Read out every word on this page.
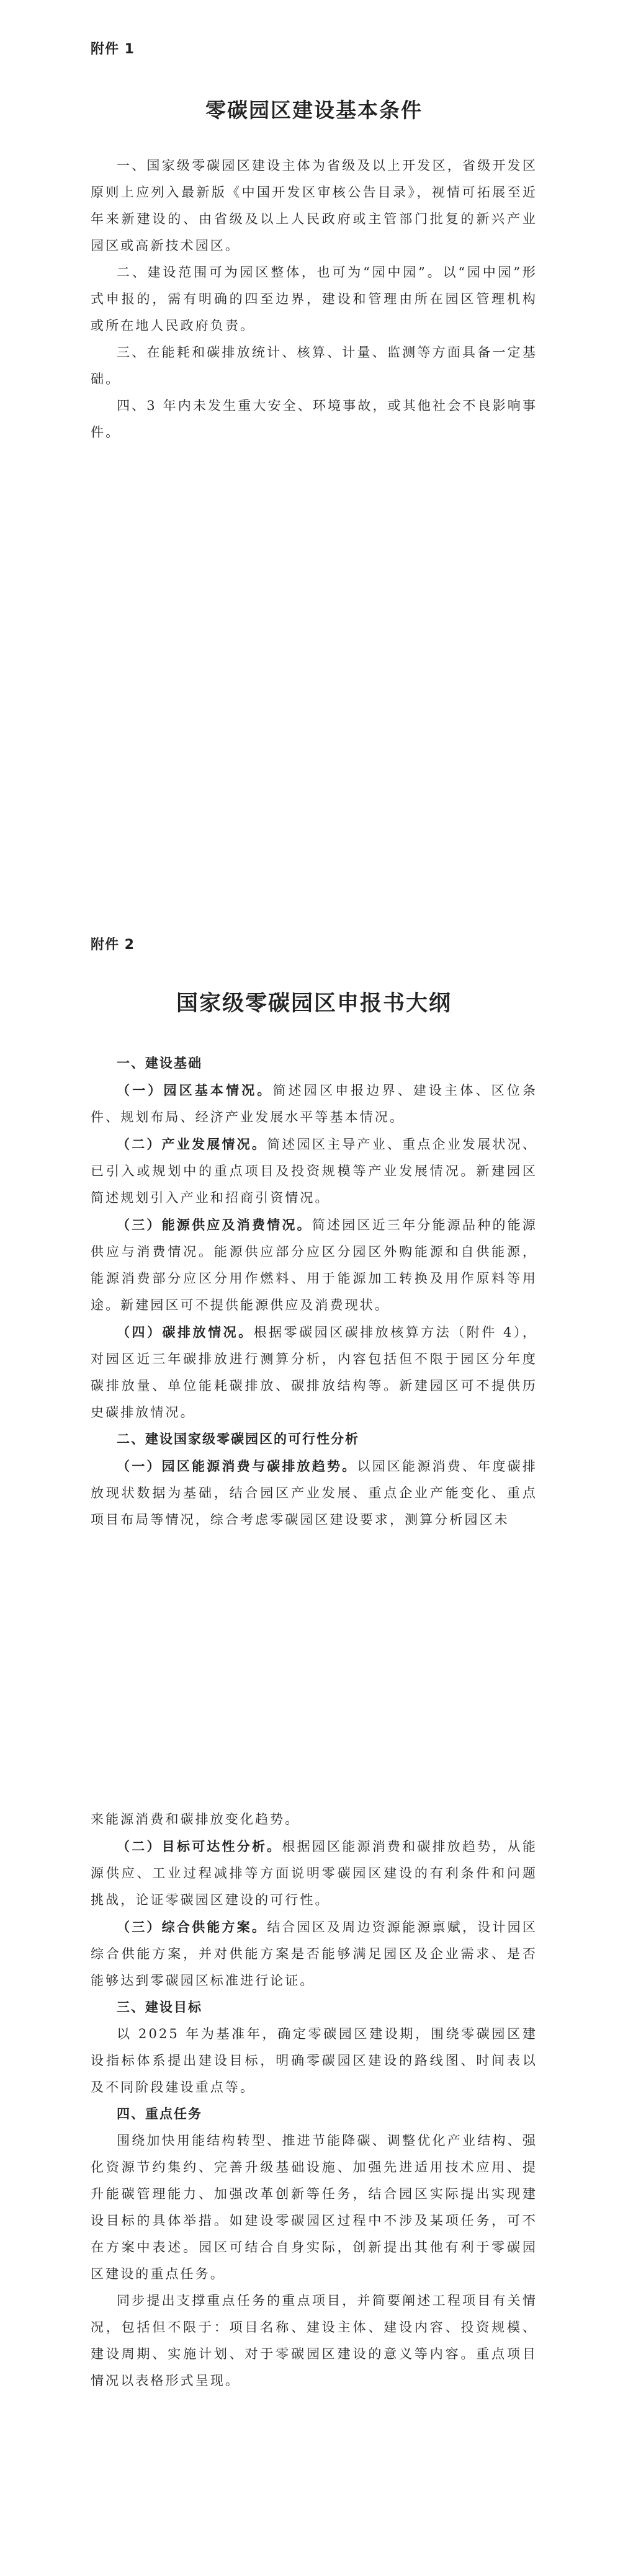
附件 1
零碳园区建设基本条件

一、国家级零碳园区建设主体为省级及以上开发区，省级开发区原则上应列入最新版《中国开发区审核公告目录》，视情可拓展至近年来新建设的、由省级及以上人民政府或主管部门批复的新兴产业园区或高新技术园区。

二、建设范围可为园区整体，也可为“园中园”。以“园中园”形式申报的，需有明确的四至边界，建设和管理由所在园区管理机构或所在地人民政府负责。

三、在能耗和碳排放统计、核算、计量、监测等方面具备一定基础。

四、3 年内未发生重大安全、环境事故，或其他社会不良影响事件。

附件 2
国家级零碳园区申报书大纲
一、建设基础

（一）园区基本情况。简述园区申报边界、建设主体、区位条件、规划布局、经济产业发展水平等基本情况。

（二）产业发展情况。简述园区主导产业、重点企业发展状况、已引入或规划中的重点项目及投资规模等产业发展情况。新建园区简述规划引入产业和招商引资情况。

（三）能源供应及消费情况。简述园区近三年分能源品种的能源供应与消费情况。能源供应部分应区分园区外购能源和自供能源，能源消费部分应区分用作燃料、用于能源加工转换及用作原料等用途。新建园区可不提供能源供应及消费现状。

（四）碳排放情况。根据零碳园区碳排放核算方法（附件 4），对园区近三年碳排放进行测算分析，内容包括但不限于园区分年度碳排放量、单位能耗碳排放、碳排放结构等。新建园区可不提供历史碳排放情况。

二、建设国家级零碳园区的可行性分析

（一）园区能源消费与碳排放趋势。以园区能源消费、年度碳排放现状数据为基础，结合园区产业发展、重点企业产能变化、重点项目布局等情况，综合考虑零碳园区建设要求，测算分析园区未

来能源消费和碳排放变化趋势。

（二）目标可达性分析。根据园区能源消费和碳排放趋势，从能源供应、工业过程减排等方面说明零碳园区建设的有利条件和问题挑战，论证零碳园区建设的可行性。

（三）综合供能方案。结合园区及周边资源能源禀赋，设计园区综合供能方案，并对供能方案是否能够满足园区及企业需求、是否能够达到零碳园区标准进行论证。

三、建设目标

以 2025 年为基准年，确定零碳园区建设期，围绕零碳园区建设指标体系提出建设目标，明确零碳园区建设的路线图、时间表以及不同阶段建设重点等。

四、重点任务

围绕加快用能结构转型、推进节能降碳、调整优化产业结构、强化资源节约集约、完善升级基础设施、加强先进适用技术应用、提升能碳管理能力、加强改革创新等任务，结合园区实际提出实现建设目标的具体举措。如建设零碳园区过程中不涉及某项任务，可不在方案中表述。园区可结合自身实际，创新提出其他有利于零碳园区建设的重点任务。

同步提出支撑重点任务的重点项目，并简要阐述工程项目有关情况，包括但不限于：项目名称、建设主体、建设内容、投资规模、建设周期、实施计划、对于零碳园区建设的意义等内容。重点项目情况以表格形式呈现。
